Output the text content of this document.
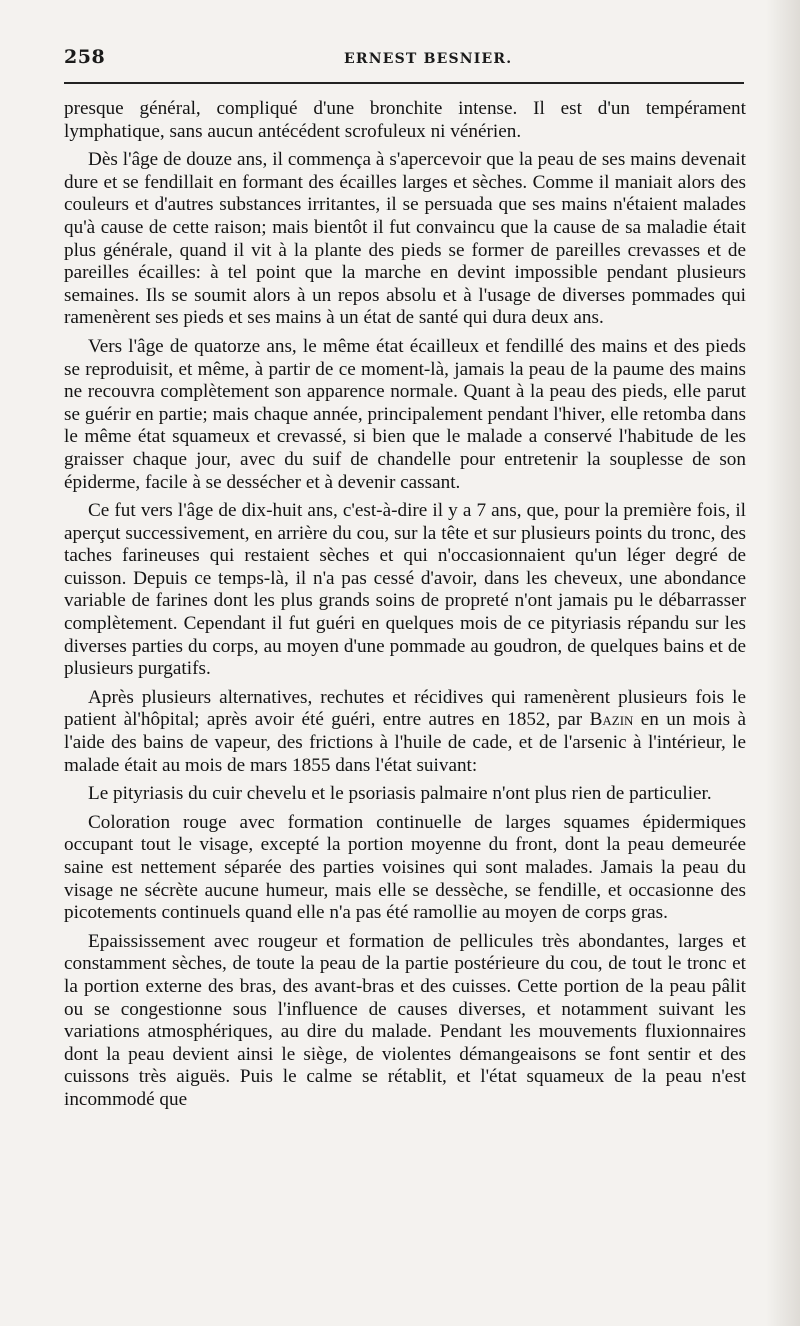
258	ERNEST BESNIER.

presque général, compliqué d'une bronchite intense. Il est d'un tempérament lymphatique, sans aucun antécédent scrofuleux ni vénérien.

Dès l'âge de douze ans, il commença à s'apercevoir que la peau de ses mains devenait dure et se fendillait en formant des écailles larges et sèches. Comme il maniait alors des couleurs et d'autres substances irritantes, il se persuada que ses mains n'étaient malades qu'à cause de cette raison; mais bientôt il fut convaincu que la cause de sa maladie était plus générale, quand il vit à la plante des pieds se former de pareilles crevasses et de pareilles écailles: à tel point que la marche en devint impossible pendant plusieurs semaines. Ils se soumit alors à un repos absolu et à l'usage de diverses pommades qui ramenèrent ses pieds et ses mains à un état de santé qui dura deux ans.

Vers l'âge de quatorze ans, le même état écailleux et fendillé des mains et des pieds se reproduisit, et même, à partir de ce moment-là, jamais la peau de la paume des mains ne recouvra complètement son apparence normale. Quant à la peau des pieds, elle parut se guérir en partie; mais chaque année, principalement pendant l'hiver, elle retomba dans le même état squameux et crevassé, si bien que le malade a conservé l'habitude de les graisser chaque jour, avec du suif de chandelle pour entretenir la souplesse de son épiderme, facile à se dessécher et à devenir cassant.

Ce fut vers l'âge de dix-huit ans, c'est-à-dire il y a 7 ans, que, pour la première fois, il aperçut successivement, en arrière du cou, sur la tête et sur plusieurs points du tronc, des taches farineuses qui restaient sèches et qui n'occasionnaient qu'un léger degré de cuisson. Depuis ce temps-là, il n'a pas cessé d'avoir, dans les cheveux, une abondance variable de farines dont les plus grands soins de propreté n'ont jamais pu le débarrasser complètement. Cependant il fut guéri en quelques mois de ce pityriasis répandu sur les diverses parties du corps, au moyen d'une pommade au goudron, de quelques bains et de plusieurs purgatifs.

Après plusieurs alternatives, rechutes et récidives qui ramenèrent plusieurs fois le patient àl'hôpital; après avoir été guéri, entre autres en 1852, par Bazin en un mois à l'aide des bains de vapeur, des frictions à l'huile de cade, et de l'arsenic à l'intérieur, le malade était au mois de mars 1855 dans l'état suivant:

Le pityriasis du cuir chevelu et le psoriasis palmaire n'ont plus rien de particulier.

Coloration rouge avec formation continuelle de larges squames épidermiques occupant tout le visage, excepté la portion moyenne du front, dont la peau demeurée saine est nettement séparée des parties voisines qui sont malades. Jamais la peau du visage ne sécrète aucune humeur, mais elle se dessèche, se fendille, et occasionne des picotements continuels quand elle n'a pas été ramollie au moyen de corps gras.

Epaississement avec rougeur et formation de pellicules très abondantes, larges et constamment sèches, de toute la peau de la partie postérieure du cou, de tout le tronc et la portion externe des bras, des avant-bras et des cuisses. Cette portion de la peau pâlit ou se congestionne sous l'influence de causes diverses, et notamment suivant les variations atmosphériques, au dire du malade. Pendant les mouvements fluxionnaires dont la peau devient ainsi le siège, de violentes démangeaisons se font sentir et des cuissons très aiguës. Puis le calme se rétablit, et l'état squameux de la peau n'est incommodé que
